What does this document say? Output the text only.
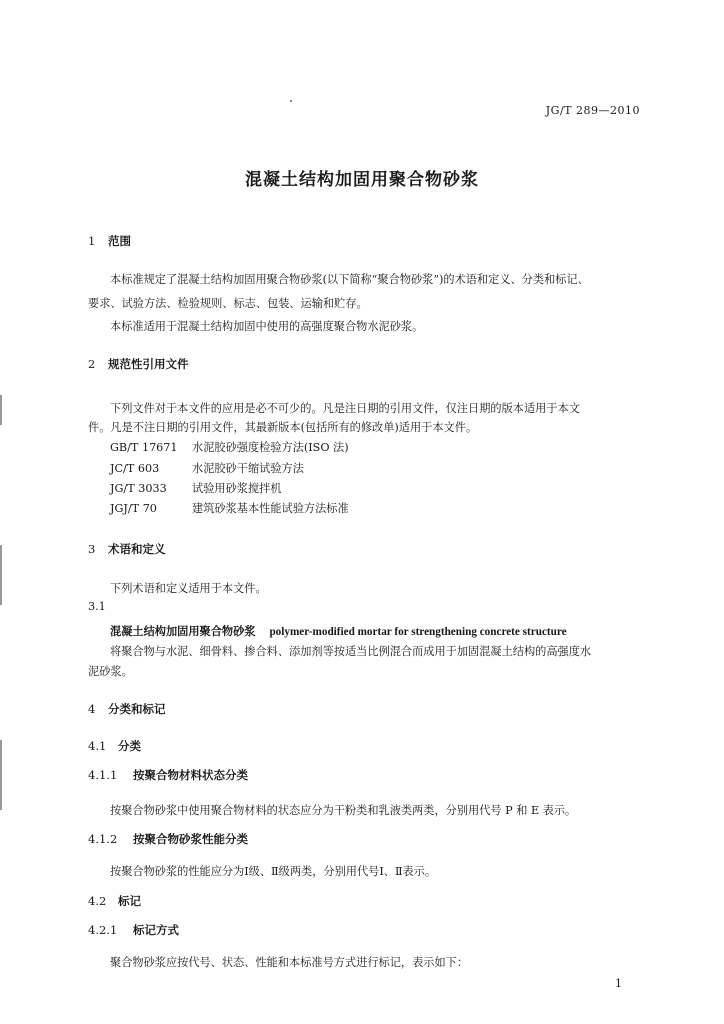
JG/T 289—2010
混凝土结构加固用聚合物砂浆
1 范围
本标准规定了混凝土结构加固用聚合物砂浆(以下简称“聚合物砂浆”)的术语和定义、分类和标记、
要求、试验方法、检验规则、标志、包装、运输和贮存。
本标准适用于混凝土结构加固中使用的高强度聚合物水泥砂浆。
2 规范性引用文件
下列文件对于本文件的应用是必不可少的。凡是注日期的引用文件，仅注日期的版本适用于本文
件。凡是不注日期的引用文件，其最新版本(包括所有的修改单)适用于本文件。
GB/T 17671 水泥胶砂强度检验方法(ISO 法)
JC/T 603	水泥胶砂干缩试验方法
JG/T 3033 试验用砂浆搅拌机
JGJ/T 70	建筑砂浆基本性能试验方法标准
3 术语和定义
下列术语和定义适用于本文件。
3.1
混凝土结构加固用聚合物砂浆 polymer-modified mortar for strengthening concrete structure
将聚合物与水泥、细骨料、掺合料、添加剂等按适当比例混合而成用于加固混凝土结构的高强度水
泥砂浆。
4 分类和标记
4.1 分类
4.1.1 按聚合物材料状态分类
按聚合物砂浆中使用聚合物材料的状态应分为干粉类和乳液类两类，分别用代号 P 和 E 表示。
4.1.2 按聚合物砂浆性能分类
按聚合物砂浆的性能应分为Ⅰ级、Ⅱ级两类，分别用代号Ⅰ、Ⅱ表示。
4.2 标记
4.2.1 标记方式
聚合物砂浆应按代号、状态、性能和本标准号方式进行标记，表示如下：
1
